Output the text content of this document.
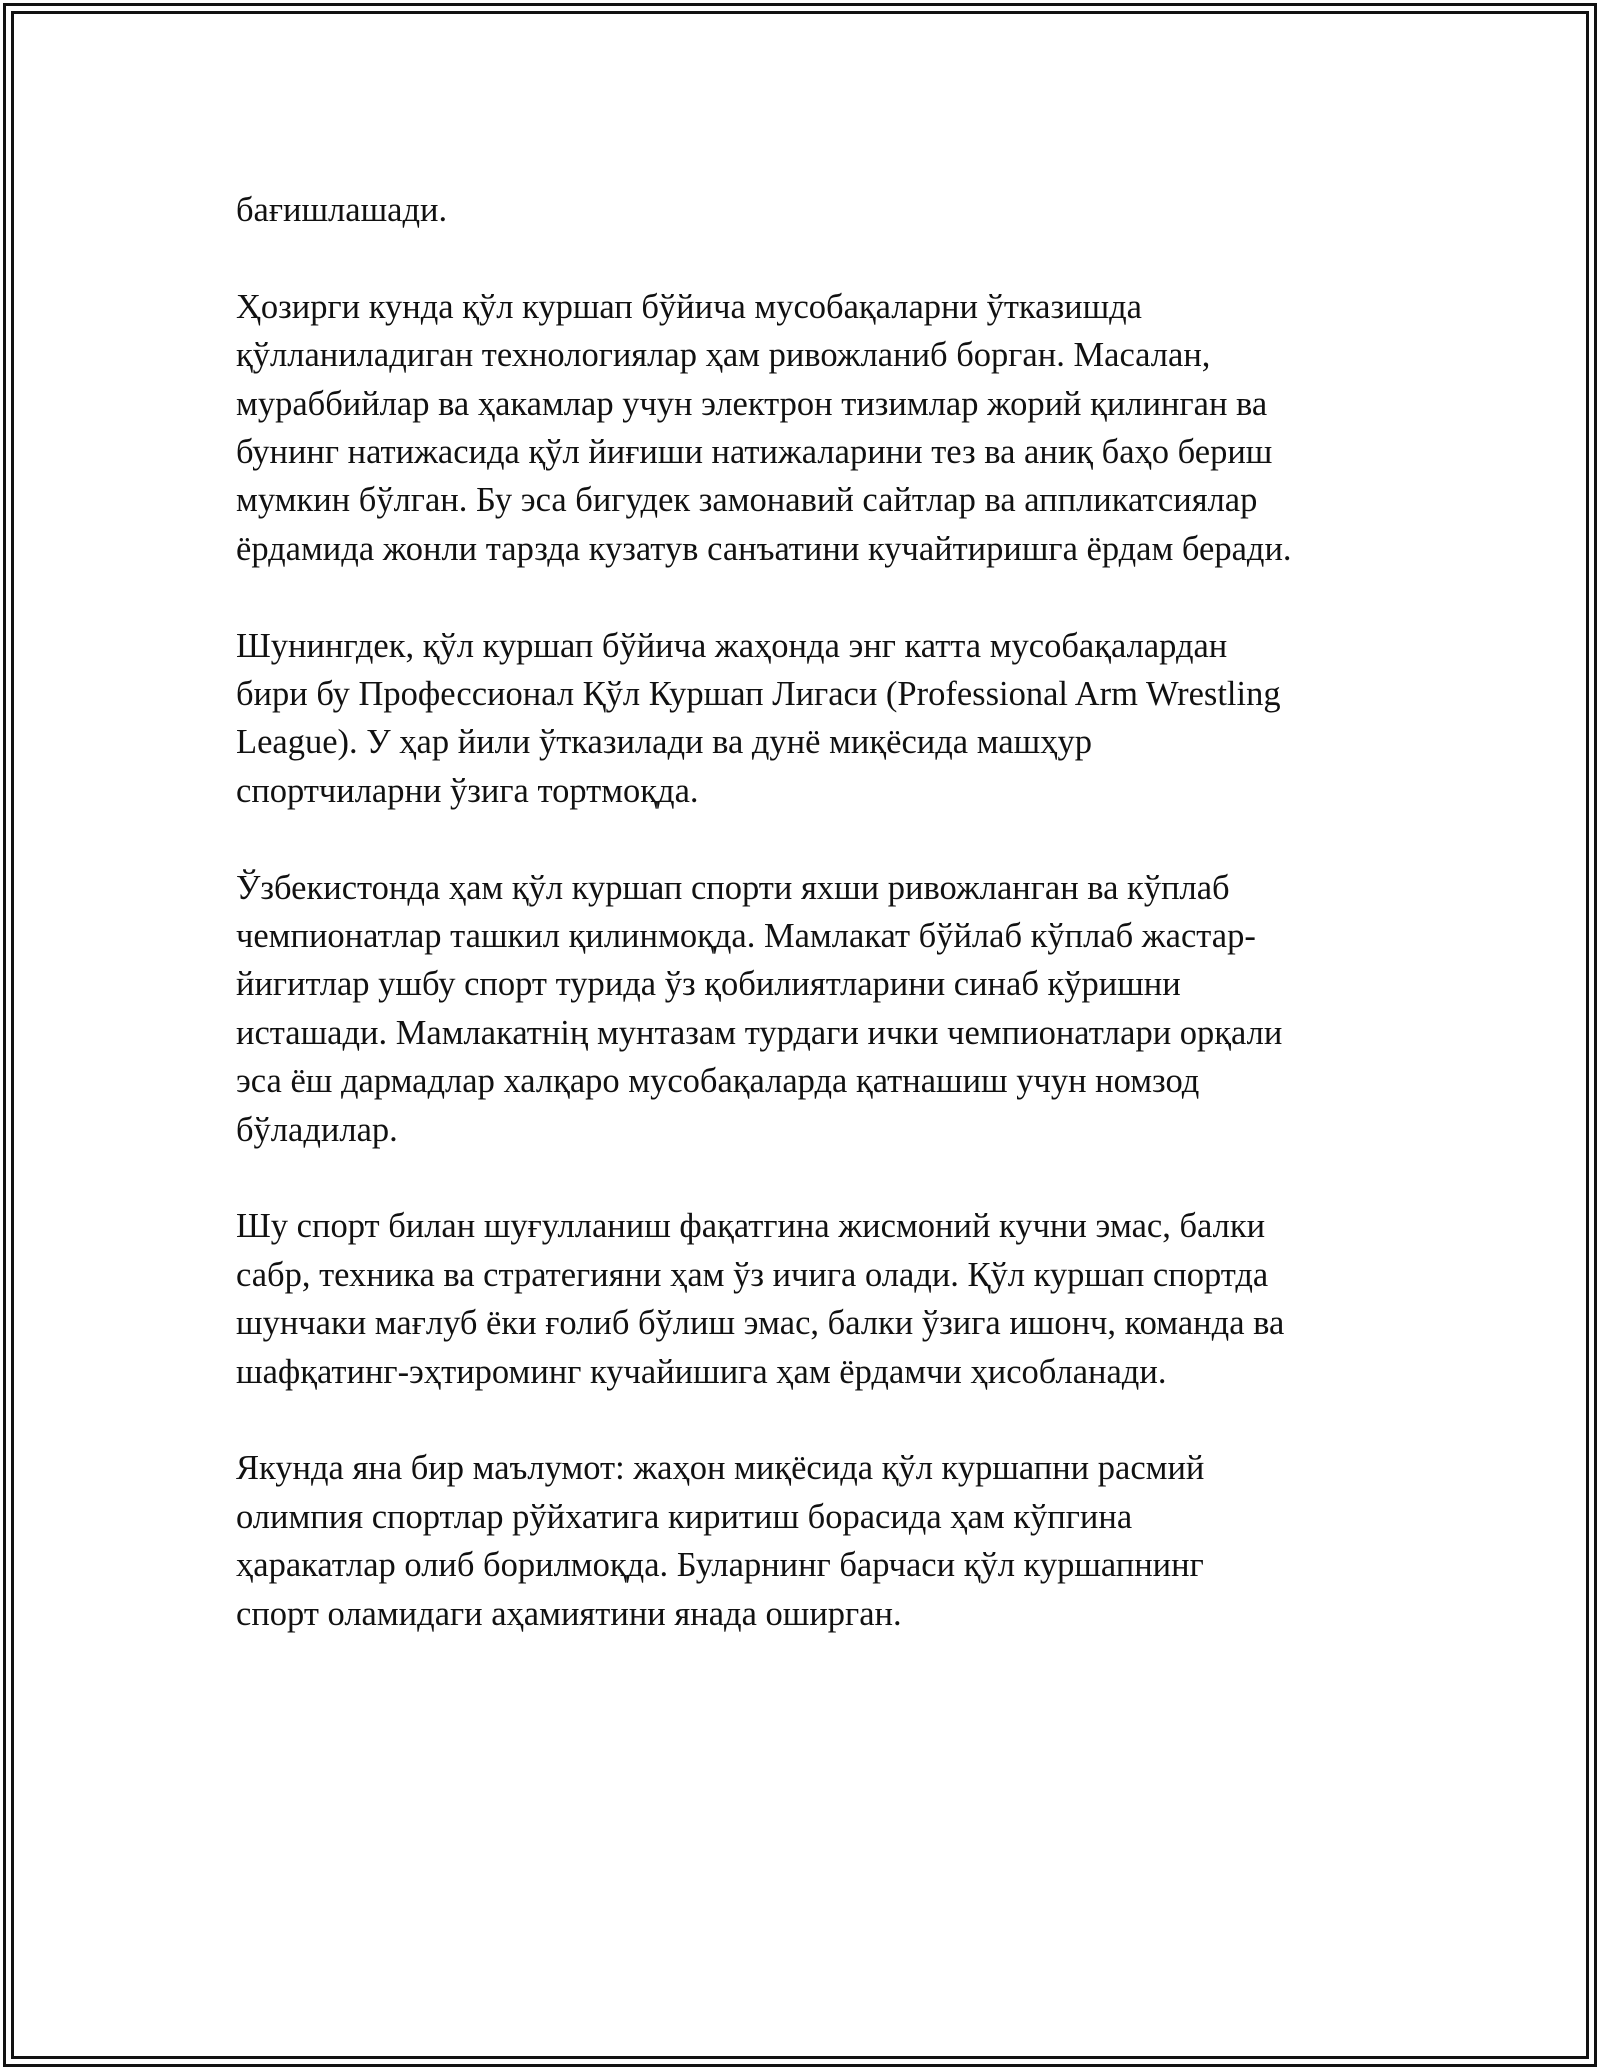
бағишлашади.

Ҳозирги кунда қўл куршап бўйича мусобақаларни ўтказишда
қўлланиладиган технологиялар ҳам ривожланиб борган. Масалан,
мураббийлар ва ҳакамлар учун электрон тизимлар жорий қилинган ва
бунинг натижасида қўл йиғиши натижаларини тез ва аниқ баҳо бериш
мумкин бўлган. Бу эса бигудек замонавий сайтлар ва аппликатсиялар
ёрдамида жонли тарзда кузатув санъатини кучайтиришга ёрдам беради.

Шунингдек, қўл куршап бўйича жаҳонда энг катта мусобақалардан
бири бу Профессионал Қўл Куршап Лигаси (Professional Arm Wrestling
League). У ҳар йили ўтказилади ва дунё миқёсида машҳур
спортчиларни ўзига тортмоқда.

Ўзбекистонда ҳам қўл куршап спорти яхши ривожланган ва кўплаб
чемпионатлар ташкил қилинмоқда. Мамлакат бўйлаб кўплаб жастар-
йигитлар ушбу спорт турида ўз қобилиятларини синаб кўришни
исташади. Мамлакатнің мунтазам турдаги ички чемпионатлари орқали
эса ёш дармадлар халқаро мусобақаларда қатнашиш учун номзод
бўладилар.

Шу спорт билан шуғулланиш фақатгина жисмоний кучни эмас, балки
сабр, техника ва стратегияни ҳам ўз ичига олади. Қўл куршап спортда
шунчаки мағлуб ёки ғолиб бўлиш эмас, балки ўзига ишонч, команда ва
шафқатинг-эҳтироминг кучайишига ҳам ёрдамчи ҳисобланади.

Якунда яна бир маълумот: жаҳон миқёсида қўл куршапни расмий
олимпия спортлар рўйхатига киритиш борасида ҳам кўпгина
ҳаракатлар олиб борилмоқда. Буларнинг барчаси қўл куршапнинг
спорт оламидаги аҳамиятини янада оширган.
